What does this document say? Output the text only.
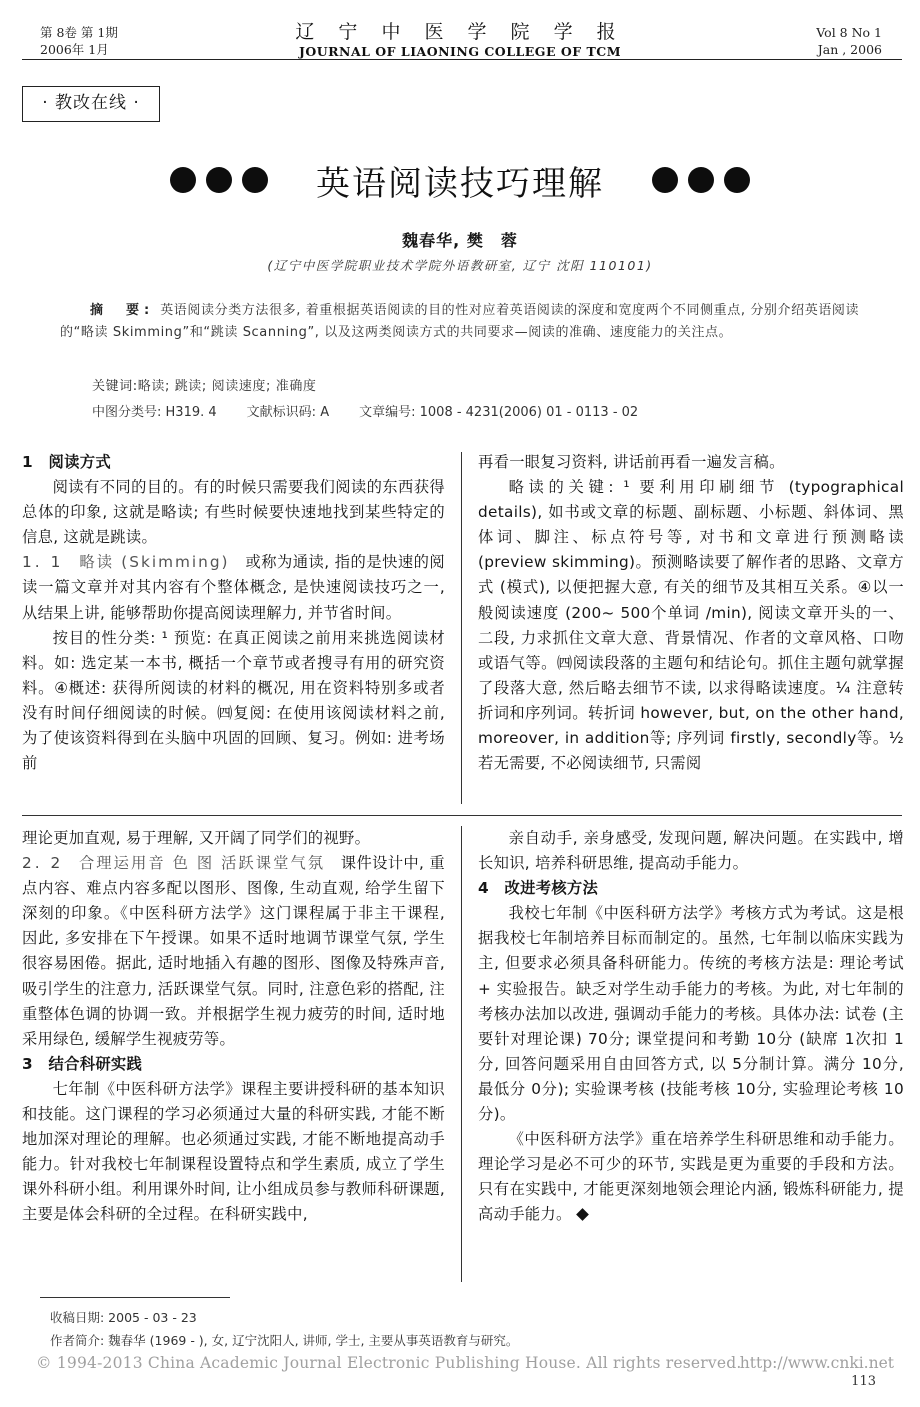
第 8卷 第 1期
2006年 1月
辽 宁 中 医 学 院 学 报
JOURNAL OF LIAONING COLLEGE OF TCM
Vol 8 No 1
Jan , 2006
· 教改在线 ·
英语阅读技巧理解
魏春华, 樊　蓉
(辽宁中医学院职业技术学院外语教研室, 辽宁 沈阳 110101)
摘　要: 英语阅读分类方法很多, 着重根据英语阅读的目的性对应着英语阅读的深度和宽度两个不同侧重点, 分别介绍英语阅读的“略读 Skimming”和“跳读 Scanning”, 以及这两类阅读方式的共同要求—阅读的准确、速度能力的关注点。
关键词:略读; 跳读; 阅读速度; 准确度
中图分类号: H319. 4 文献标识码: A 文章编号: 1008 - 4231(2006) 01 - 0113 - 02

1　阅读方式

阅读有不同的目的。有的时候只需要我们阅读的东西获得总体的印象, 这就是略读; 有些时候要快速地找到某些特定的信息, 这就是跳读。

1. 1　 略读 (Skimming)　或称为通读, 指的是快速的阅读一篇文章并对其内容有个整体概念, 是快速阅读技巧之一, 从结果上讲, 能够帮助你提高阅读理解力, 并节省时间。

按目的性分类: ¹ 预览: 在真正阅读之前用来挑选阅读材料。如: 选定某一本书, 概括一个章节或者搜寻有用的研究资料。④概述: 获得所阅读的材料的概况, 用在资料特别多或者没有时间仔细阅读的时候。㈣复阅: 在使用该阅读材料之前, 为了使该资料得到在头脑中巩固的回顾、复习。例如: 进考场前

再看一眼复习资料, 讲话前再看一遍发言稿。

略读的关键: ¹ 要利用印刷细节 (typographical details), 如书或文章的标题、副标题、小标题、斜体词、黑体词、脚注、标点符号等, 对书和文章进行预测略读 (preview skimming)。预测略读要了解作者的思路、文章方式 (模式), 以便把握大意, 有关的细节及其相互关系。④以一般阅读速度 (200~ 500个单词 /min), 阅读文章开头的一、二段, 力求抓住文章大意、背景情况、作者的文章风格、口吻或语气等。㈣阅读段落的主题句和结论句。抓住主题句就掌握了段落大意, 然后略去细节不读, 以求得略读速度。¼ 注意转折词和序列词。转折词 however, but, on the other hand, moreover, in addition等; 序列词 firstly, secondly等。½ 若无需要, 不必阅读细节, 只需阅

理论更加直观, 易于理解, 又开阔了同学们的视野。

2. 2　 合理运用音 色 图 活跃课堂气氛　课件设计中, 重点内容、难点内容多配以图形、图像, 生动直观, 给学生留下深刻的印象。《中医科研方法学》这门课程属于非主干课程, 因此, 多安排在下午授课。如果不适时地调节课堂气氛, 学生很容易困倦。据此, 适时地插入有趣的图形、图像及特殊声音, 吸引学生的注意力, 活跃课堂气氛。同时, 注意色彩的搭配, 注重整体色调的协调一致。并根据学生视力疲劳的时间, 适时地采用绿色, 缓解学生视疲劳等。

3　结合科研实践

七年制《中医科研方法学》课程主要讲授科研的基本知识和技能。这门课程的学习必须通过大量的科研实践, 才能不断地加深对理论的理解。也必须通过实践, 才能不断地提高动手能力。针对我校七年制课程设置特点和学生素质, 成立了学生课外科研小组。利用课外时间, 让小组成员参与教师科研课题, 主要是体会科研的全过程。在科研实践中,

亲自动手, 亲身感受, 发现问题, 解决问题。在实践中, 增长知识, 培养科研思维, 提高动手能力。

4　改进考核方法

我校七年制《中医科研方法学》考核方式为考试。这是根据我校七年制培养目标而制定的。虽然, 七年制以临床实践为主, 但要求必须具备科研能力。传统的考核方法是: 理论考试 + 实验报告。缺乏对学生动手能力的考核。为此, 对七年制的考核办法加以改进, 强调动手能力的考核。具体办法: 试卷 (主要针对理论课) 70分; 课堂提问和考勤 10分 (缺席 1次扣 1分, 回答问题采用自由回答方式, 以 5分制计算。满分 10分, 最低分 0分); 实验课考核 (技能考核 10分, 实验理论考核 10分)。

《中医科研方法学》重在培养学生科研思维和动手能力。理论学习是必不可少的环节, 实践是更为重要的手段和方法。只有在实践中, 才能更深刻地领会理论内涵, 锻炼科研能力, 提高动手能力。

收稿日期: 2005 - 03 - 23
作者简介: 魏春华 (1969 - ), 女, 辽宁沈阳人, 讲师, 学士, 主要从事英语教育与研究。
© 1994-2013 China Academic Journal Electronic Publishing House. All rights reserved.
http://www.cnki.net
113
